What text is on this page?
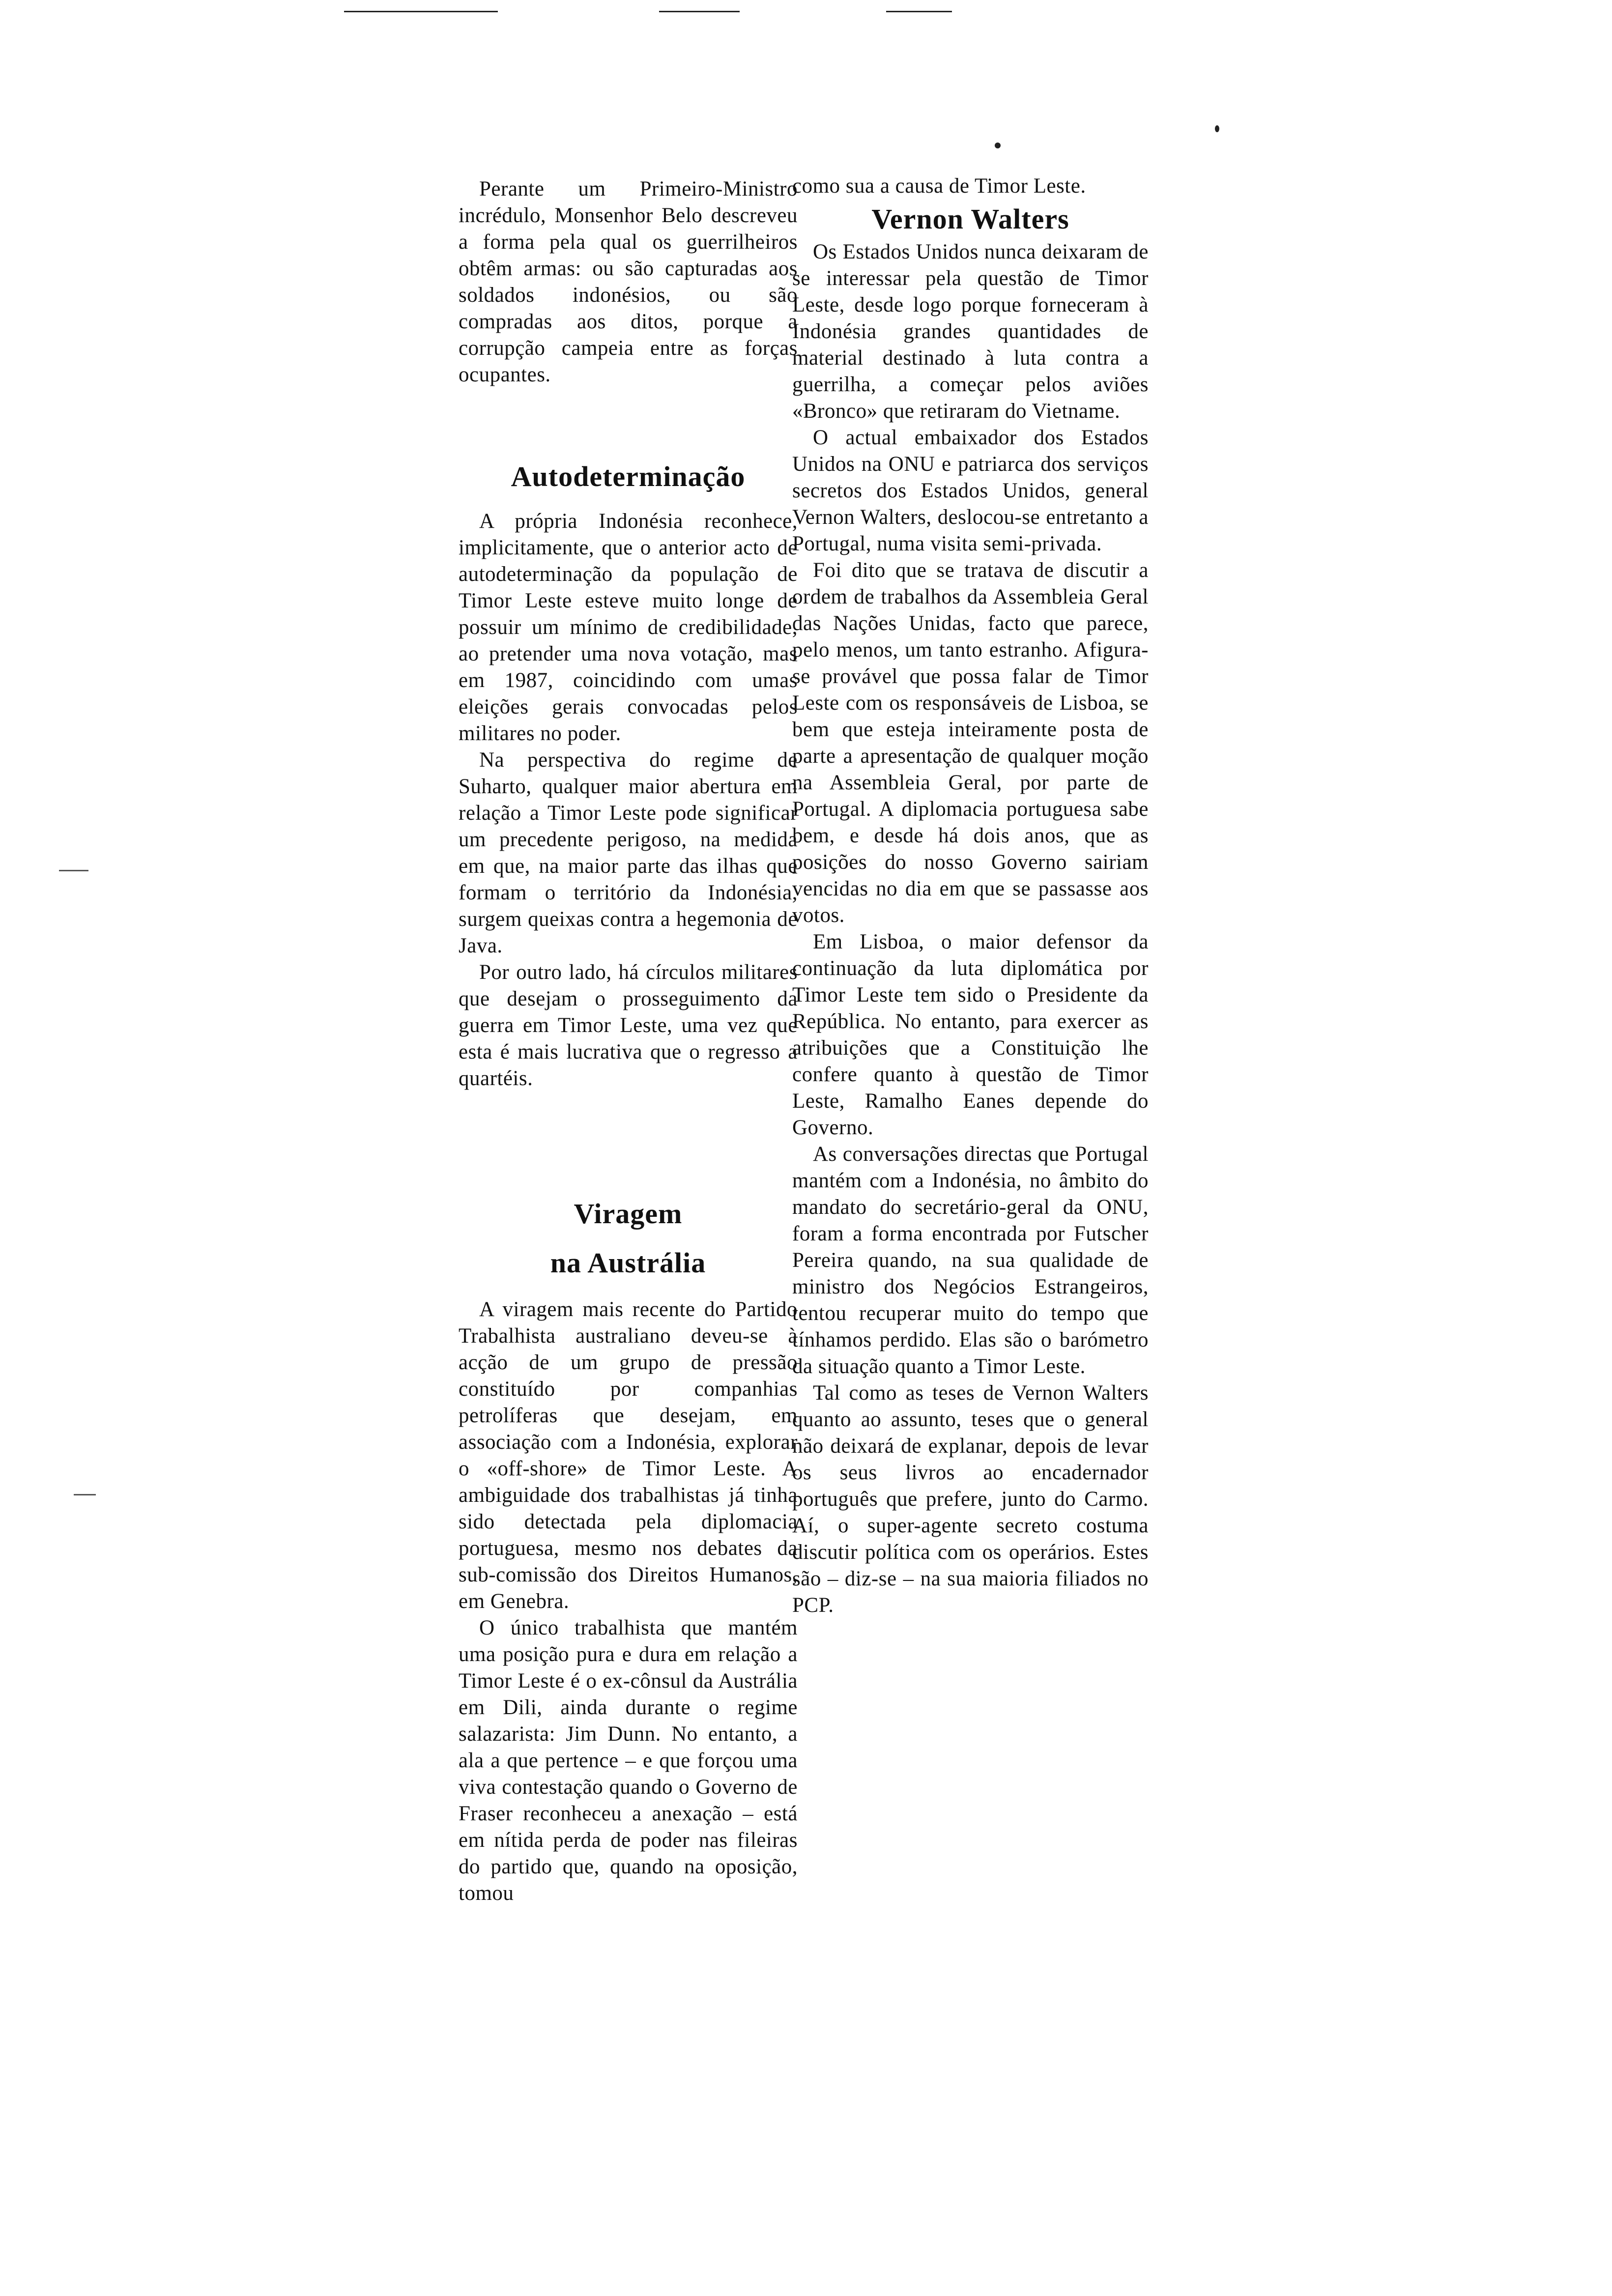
Perante um Primeiro-Ministro incrédulo, Monsenhor Belo descreveu a forma pela qual os guerrilheiros obtêm armas: ou são capturadas aos soldados indonésios, ou são compradas aos ditos, porque a corrupção campeia entre as forças ocupantes.

Autodeterminação

A própria Indonésia reconhece, implicitamente, que o anterior acto de autodeterminação da população de Timor Leste esteve muito longe de possuir um mínimo de credibilidade, ao pretender uma nova votação, mas em 1987, coincidindo com umas eleições gerais convocadas pelos militares no poder.

Na perspectiva do regime de Suharto, qualquer maior abertura em relação a Timor Leste pode significar um precedente perigoso, na medida em que, na maior parte das ilhas que formam o território da Indonésia, surgem queixas contra a hegemonia de Java.

Por outro lado, há círculos militares que desejam o prosseguimento da guerra em Timor Leste, uma vez que esta é mais lucrativa que o regresso a quartéis.

Viragem
na Austrália

A viragem mais recente do Partido Trabalhista australiano deveu-se à acção de um grupo de pressão constituído por companhias petrolíferas que desejam, em associação com a Indonésia, explorar o «off-shore» de Timor Leste. A ambiguidade dos trabalhistas já tinha sido detectada pela diplomacia portuguesa, mesmo nos debates da sub-comissão dos Direitos Humanos, em Genebra.

O único trabalhista que mantém uma posição pura e dura em relação a Timor Leste é o ex-cônsul da Austrália em Dili, ainda durante o regime salazarista: Jim Dunn. No entanto, a ala a que pertence – e que forçou uma viva contestação quando o Governo de Fraser reconheceu a anexação – está em nítida perda de poder nas fileiras do partido que, quando na oposição, tomou

como sua a causa de Timor Leste.

Vernon Walters

Os Estados Unidos nunca deixaram de se interessar pela questão de Timor Leste, desde logo porque forneceram à Indonésia grandes quantidades de material destinado à luta contra a guerrilha, a começar pelos aviões «Bronco» que retiraram do Vietname.

O actual embaixador dos Estados Unidos na ONU e patriarca dos serviços secretos dos Estados Unidos, general Vernon Walters, deslocou-se entretanto a Portugal, numa visita semi-privada.

Foi dito que se tratava de discutir a ordem de trabalhos da Assembleia Geral das Nações Unidas, facto que parece, pelo menos, um tanto estranho. Afigura-se provável que possa falar de Timor Leste com os responsáveis de Lisboa, se bem que esteja inteiramente posta de parte a apresentação de qualquer moção na Assembleia Geral, por parte de Portugal. A diplomacia portuguesa sabe bem, e desde há dois anos, que as posições do nosso Governo sairiam vencidas no dia em que se passasse aos votos.

Em Lisboa, o maior defensor da continuação da luta diplomática por Timor Leste tem sido o Presidente da República. No entanto, para exercer as atribuições que a Constituição lhe confere quanto à questão de Timor Leste, Ramalho Eanes depende do Governo.

As conversações directas que Portugal mantém com a Indonésia, no âmbito do mandato do secretário-geral da ONU, foram a forma encontrada por Futscher Pereira quando, na sua qualidade de ministro dos Negócios Estrangeiros, tentou recuperar muito do tempo que tínhamos perdido. Elas são o barómetro da situação quanto a Timor Leste.

Tal como as teses de Vernon Walters quanto ao assunto, teses que o general não deixará de explanar, depois de levar os seus livros ao encadernador português que prefere, junto do Carmo. Aí, o super-agente secreto costuma discutir política com os operários. Estes são – diz-se – na sua maioria filiados no PCP.
